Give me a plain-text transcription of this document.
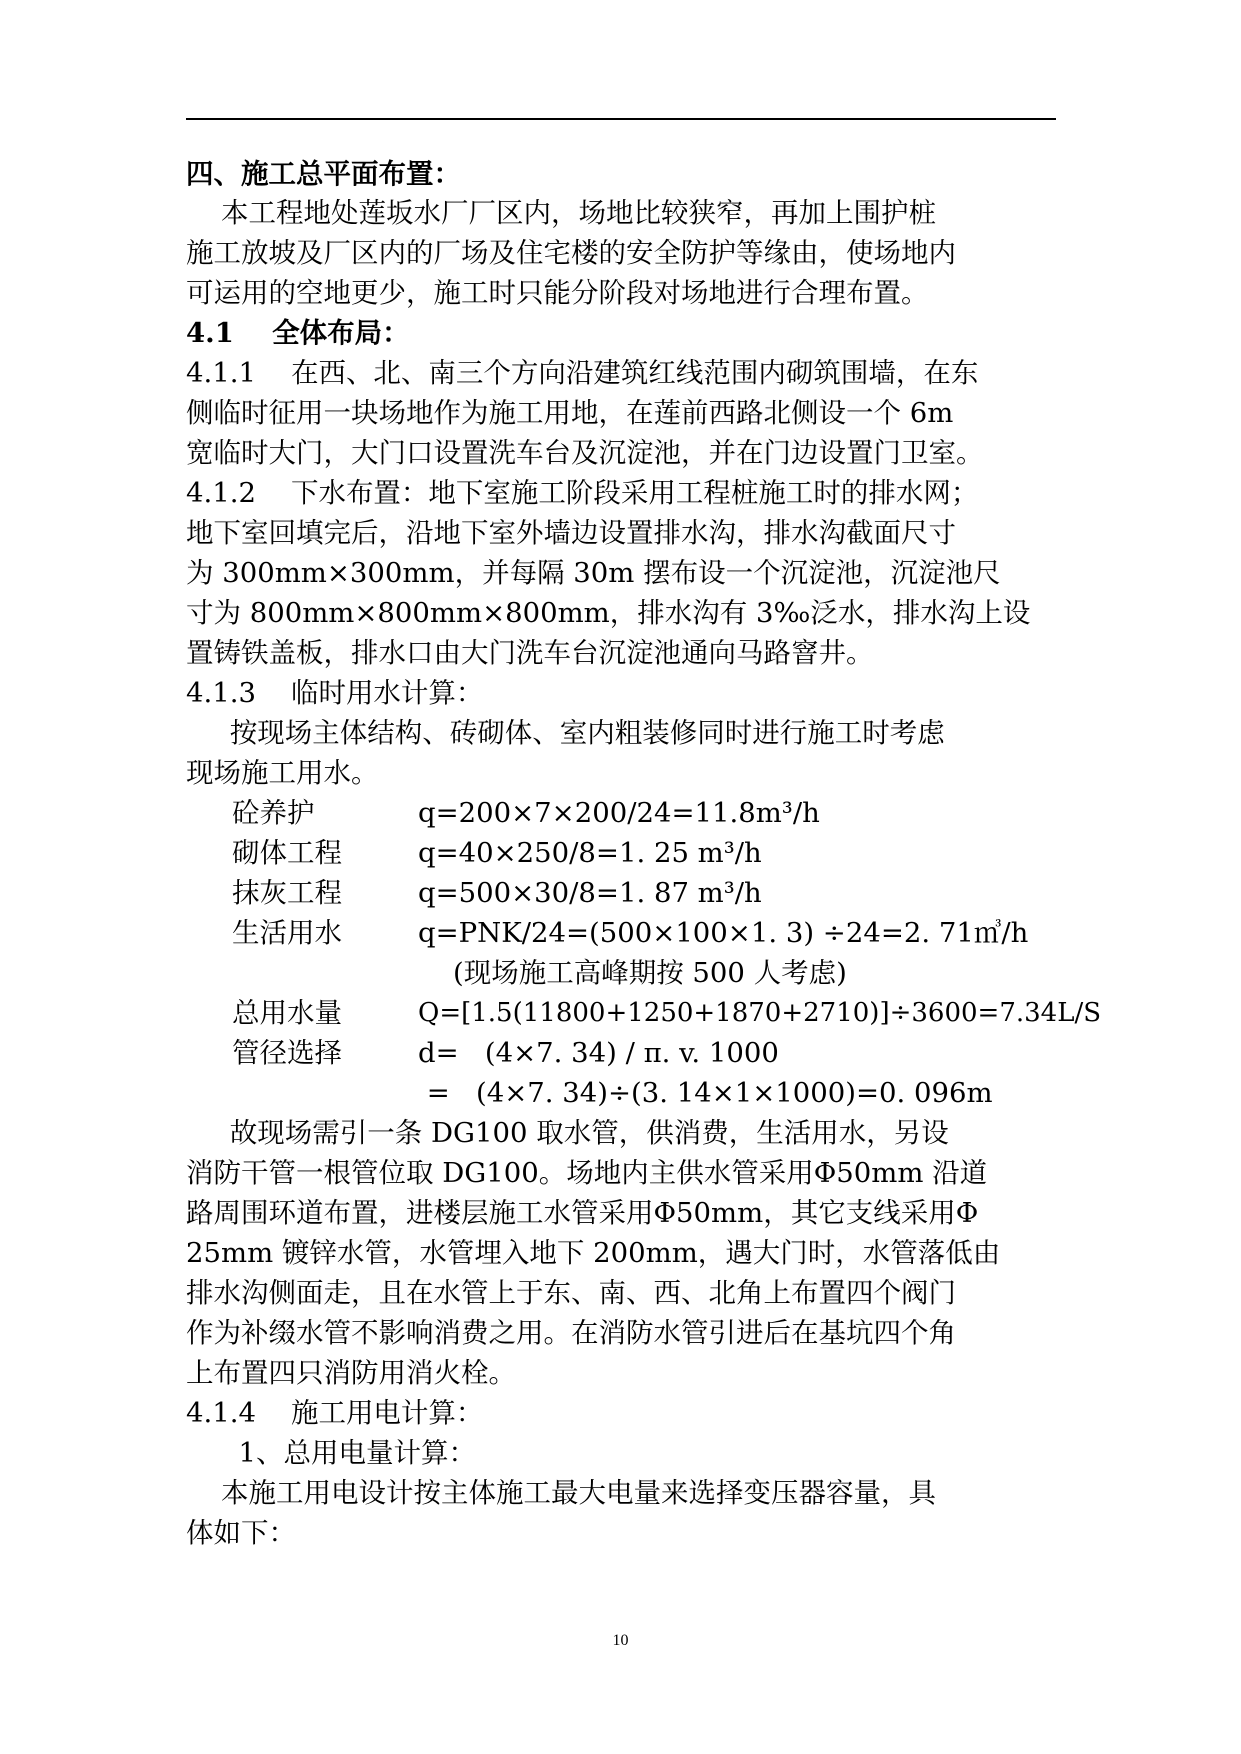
四、施工总平面布置：
本工程地处莲坂水厂厂区内，场地比较狭窄，再加上围护桩
施工放坡及厂区内的厂场及住宅楼的安全防护等缘由，使场地内
可运用的空地更少，施工时只能分阶段对场地进行合理布置。
4.1    全体布局：
4.1.1    在西、北、南三个方向沿建筑红线范围内砌筑围墙，在东
侧临时征用一块场地作为施工用地，在莲前西路北侧设一个 6m
宽临时大门，大门口设置洗车台及沉淀池，并在门边设置门卫室。
4.1.2    下水布置：地下室施工阶段采用工程桩施工时的排水网；
地下室回填完后，沿地下室外墙边设置排水沟，排水沟截面尺寸
为 300mm×300mm，并每隔 30m 摆布设一个沉淀池，沉淀池尺
寸为 800mm×800mm×800mm，排水沟有 3‰泛水，排水沟上设
置铸铁盖板，排水口由大门洗车台沉淀池通向马路窨井。
4.1.3    临时用水计算：
按现场主体结构、砖砌体、室内粗装修同时进行施工时考虑
现场施工用水。
砼养护	q=200×7×200/24=11.8m³/h
砌体工程	q=40×250/8=1. 25 m³/h
抹灰工程	q=500×30/8=1. 87 m³/h
生活用水	q=PNK/24=(500×100×1. 3) ÷24=2. 71㎥/h
(现场施工高峰期按 500 人考虑)
总用水量	Q=[1.5(11800+1250+1870+2710)]÷3600=7.34L/S
管径选择	d=   (4×7. 34) / π. v. 1000
=   (4×7. 34)÷(3. 14×1×1000)=0. 096m
故现场需引一条 DG100 取水管，供消费，生活用水，另设
消防干管一根管位取 DG100。场地内主供水管采用Φ50mm 沿道
路周围环道布置，进楼层施工水管采用Φ50mm，其它支线采用Φ
25mm 镀锌水管，水管埋入地下 200mm，遇大门时，水管落低由
排水沟侧面走，且在水管上于东、南、西、北角上布置四个阀门
作为补缀水管不影响消费之用。在消防水管引进后在基坑四个角
上布置四只消防用消火栓。
4.1.4    施工用电计算：
1、总用电量计算：
本施工用电设计按主体施工最大电量来选择变压器容量，具
体如下：
10
